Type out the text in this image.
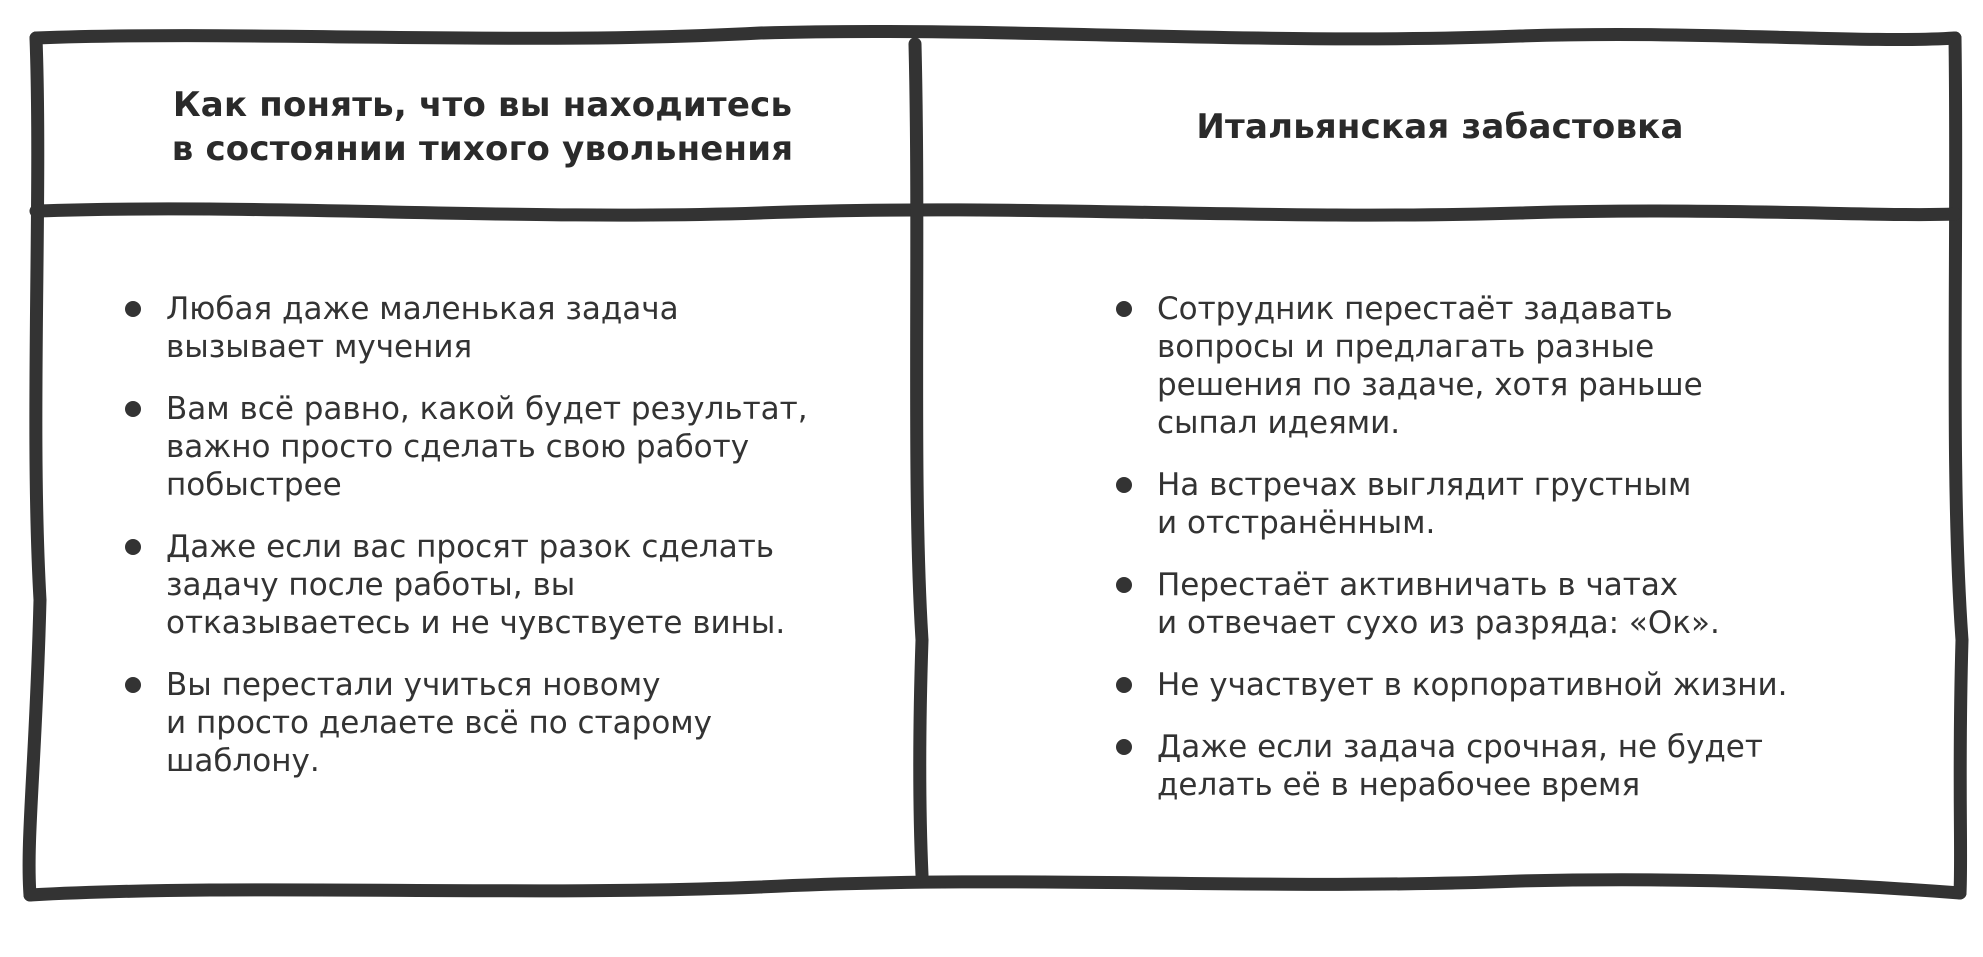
Как понять, что вы находитесь
в состоянии тихого увольнения
Итальянская забастовка
Любая даже маленькая задача
вызывает мучения
Вам всё равно, какой будет результат,
важно просто сделать свою работу
побыстрее
Даже если вас просят разок сделать
задачу после работы, вы
отказываетесь и не чувствуете вины.
Вы перестали учиться новому
и просто делаете всё по старому
шаблону.
Сотрудник перестаёт задавать
вопросы и предлагать разные
решения по задаче, хотя раньше
сыпал идеями.
На встречах выглядит грустным
и отстранённым.
Перестаёт активничать в чатах
и отвечает сухо из разряда: «Ок».
Не участвует в корпоративной жизни.
Даже если задача срочная, не будет
делать её в нерабочее время
